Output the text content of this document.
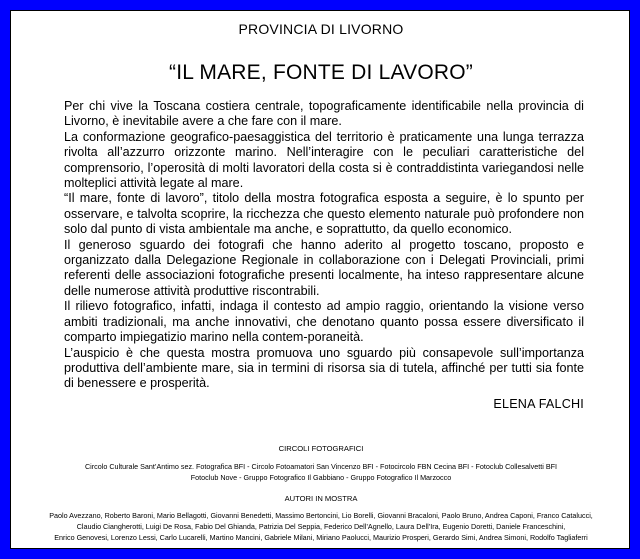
PROVINCIA DI LIVORNO
“IL MARE, FONTE DI LAVORO”

Per chi vive la Toscana costiera centrale, topograficamente identificabile nella provincia di Livorno, è inevitabile avere a che fare con il mare.

La conformazione geografico-paesaggistica del territorio è praticamente una lunga terrazza rivolta all’azzurro orizzonte marino. Nell’interagire con le peculiari caratteristiche del comprensorio, l’operosità di molti lavoratori della costa si è contraddistinta variegandosi nelle molteplici attività legate al mare.

“Il mare, fonte di lavoro”, titolo della mostra fotografica esposta a seguire, è lo spunto per osservare, e talvolta scoprire, la ricchezza che questo elemento naturale può profondere non solo dal punto di vista ambientale ma anche, e soprattutto, da quello economico.

Il generoso sguardo dei fotografi che hanno aderito al progetto toscano, proposto e organizzato dalla Delegazione Regionale in collaborazione con i Delegati Provinciali, primi referenti delle associazioni fotografiche presenti localmente, ha inteso rappresentare alcune delle numerose attività produttive riscontrabili.

Il rilievo fotografico, infatti, indaga il contesto ad ampio raggio, orientando la visione verso ambiti tradizionali, ma anche innovativi, che denotano quanto possa essere diversificato il comparto impiegatizio marino nella contem-poraneità.

L’auspicio è che questa mostra promuova uno sguardo più consapevole sull’importanza produttiva dell’ambiente mare, sia in termini di risorsa sia di tutela, affinché per tutti sia fonte di benessere e prosperità.

ELENA FALCHI
CIRCOLI FOTOGRAFICI
Circolo Culturale Sant’Antimo sez. Fotografica BFI - Circolo Fotoamatori San Vincenzo BFI - Fotocircolo FBN Cecina BFI - Fotoclub Collesalvetti BFI
Fotoclub Nove - Gruppo Fotografico Il Gabbiano - Gruppo Fotografico Il Marzocco
AUTORI IN MOSTRA
Paolo Avezzano, Roberto Baroni, Mario Bellagotti, Giovanni Benedetti, Massimo Bertoncini, Lio Borelli, Giovanni Bracaloni, Paolo Bruno, Andrea Caponi, Franco Catalucci,
Claudio Ciangherotti, Luigi De Rosa, Fabio Del Ghianda, Patrizia Del Seppia, Federico Dell’Agnello, Laura Dell’Ira, Eugenio Doretti, Daniele Franceschini,
Enrico Genovesi, Lorenzo Lessi, Carlo Lucarelli, Martino Mancini, Gabriele Milani, Miriano Paolucci, Maurizio Prosperi, Gerardo Simi, Andrea Simoni, Rodolfo Tagliaferri
